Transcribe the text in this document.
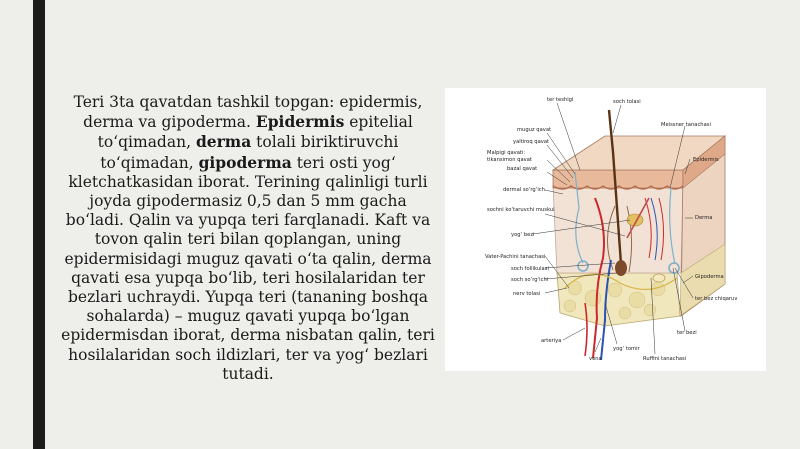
Teri 3ta qavatdan tashkil topgan: epidermis, derma va gipoderma. Epidermis epitelial to‘qimadan, derma tolali biriktiruvchi to‘qimadan, gipoderma teri osti yog‘ kletchatkasidan iborat. Terining qalinligi turli joyda gipodermasiz 0,5 dan 5 mm gacha bo‘ladi. Qalin va yupqa teri farqlanadi. Kaft va tovon qalin teri bilan qoplangan, uning epidermisidagi muguz qavati o‘ta qalin, derma qavati esa yupqa bo‘lib, teri hosilalaridan ter bezlari uchraydi. Yupqa teri (tananing boshqa sohalarda) – muguz qavati yupqa bo‘lgan epidermisdan iborat, derma nisbatan qalin, teri hosilalaridan soch ildizlari, ter va yog‘ bezlari tutadi.
ter teshigi	soch tolasi
muguz qavat
yaltiroq qavat
Malpigi qavati:
tikansimon qavat
bazal qavat
dermal so‘rg‘ich
sochni ko‘taruvchi muskul
yog‘ bezi
Vater-Pachini tanachasi
soch follikulasi
soch so‘rg‘ichi
nerv tolasi
Meissner tanachasi
Epidermis
Derma
Gipoderma
ter bez chiqaruv
ter bezi
arteriya
vena
yog‘ tomir
Ruffini tanachasi
